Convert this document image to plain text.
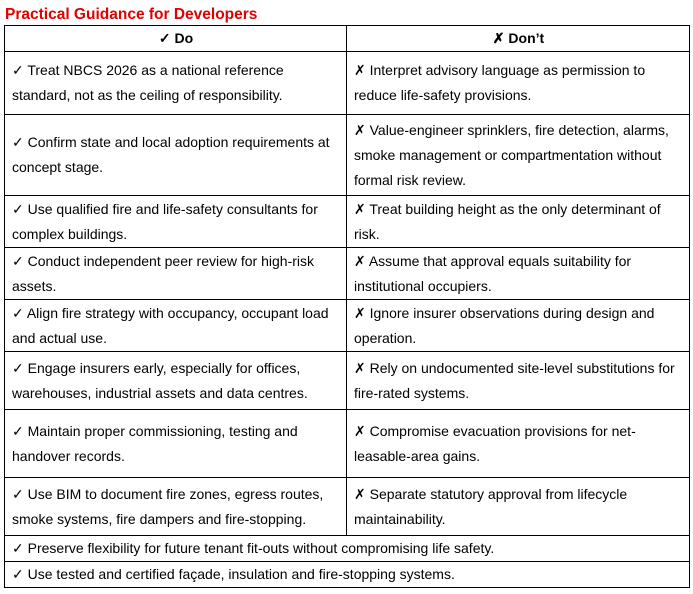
Practical Guidance for Developers
✓ Do	✗ Don’t
✓ Treat NBCS 2026 as a national reference standard, not as the ceiling of responsibility.	✗ Interpret advisory language as permission to reduce life-safety provisions.
✓ Confirm state and local adoption requirements at concept stage.	✗ Value-engineer sprinklers, fire detection, alarms, smoke management or compartmentation without formal risk review.
✓ Use qualified fire and life-safety consultants for complex buildings.	✗ Treat building height as the only determinant of risk.
✓ Conduct independent peer review for high-risk assets.	✗ Assume that approval equals suitability for institutional occupiers.
✓ Align fire strategy with occupancy, occupant load and actual use.	✗ Ignore insurer observations during design and operation.
✓ Engage insurers early, especially for offices, warehouses, industrial assets and data centres.	✗ Rely on undocumented site-level substitutions for fire-rated systems.
✓ Maintain proper commissioning, testing and handover records.	✗ Compromise evacuation provisions for net-leasable-area gains.
✓ Use BIM to document fire zones, egress routes, smoke systems, fire dampers and fire-stopping.	✗ Separate statutory approval from lifecycle maintainability.
✓ Preserve flexibility for future tenant fit-outs without compromising life safety.	
✓ Use tested and certified façade, insulation and fire-stopping systems.	
